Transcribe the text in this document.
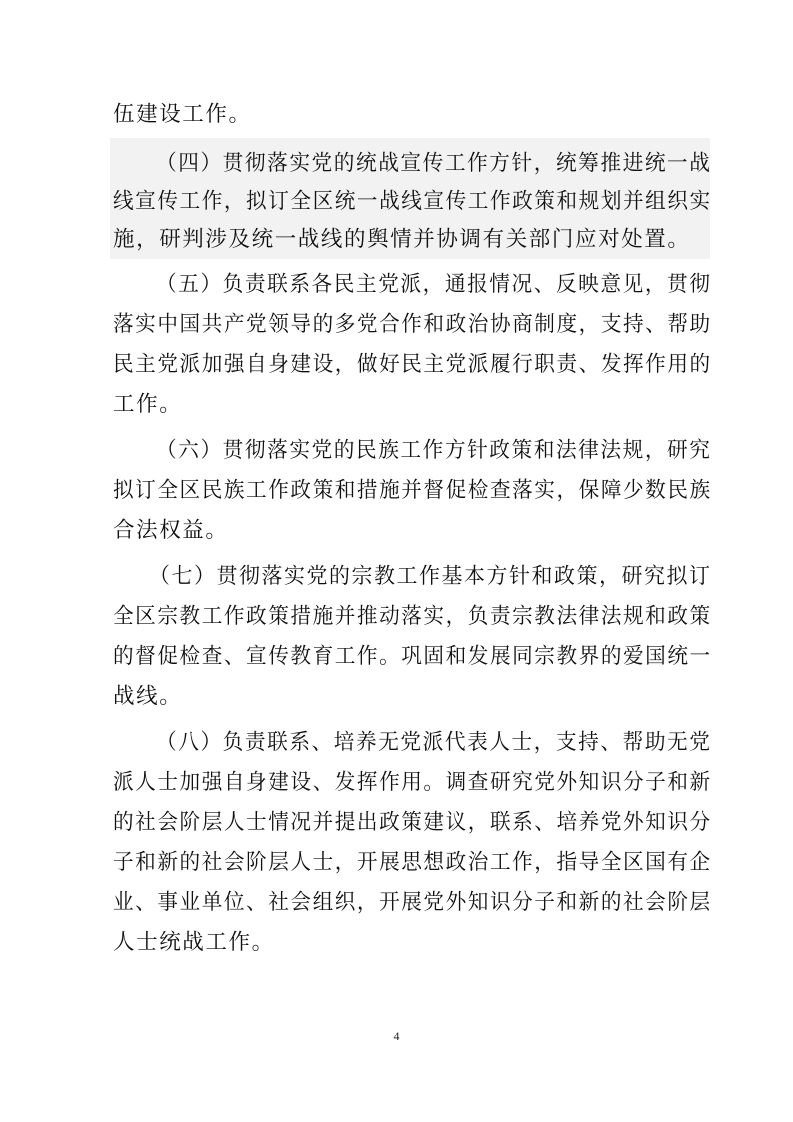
伍建设工作。
（四）贯彻落实党的统战宣传工作方针，统筹推进统一战
线宣传工作，拟订全区统一战线宣传工作政策和规划并组织实
施，研判涉及统一战线的舆情并协调有关部门应对处置。
（五）负责联系各民主党派，通报情况、反映意见，贯彻
落实中国共产党领导的多党合作和政治协商制度，支持、帮助
民主党派加强自身建设，做好民主党派履行职责、发挥作用的
工作。
（六）贯彻落实党的民族工作方针政策和法律法规，研究
拟订全区民族工作政策和措施并督促检查落实，保障少数民族
合法权益。
（七）贯彻落实党的宗教工作基本方针和政策，研究拟订
全区宗教工作政策措施并推动落实，负责宗教法律法规和政策
的督促检查、宣传教育工作。巩固和发展同宗教界的爱国统一
战线。
（八）负责联系、培养无党派代表人士，支持、帮助无党
派人士加强自身建设、发挥作用。调查研究党外知识分子和新
的社会阶层人士情况并提出政策建议，联系、培养党外知识分
子和新的社会阶层人士，开展思想政治工作，指导全区国有企
业、事业单位、社会组织，开展党外知识分子和新的社会阶层
人士统战工作。
4
